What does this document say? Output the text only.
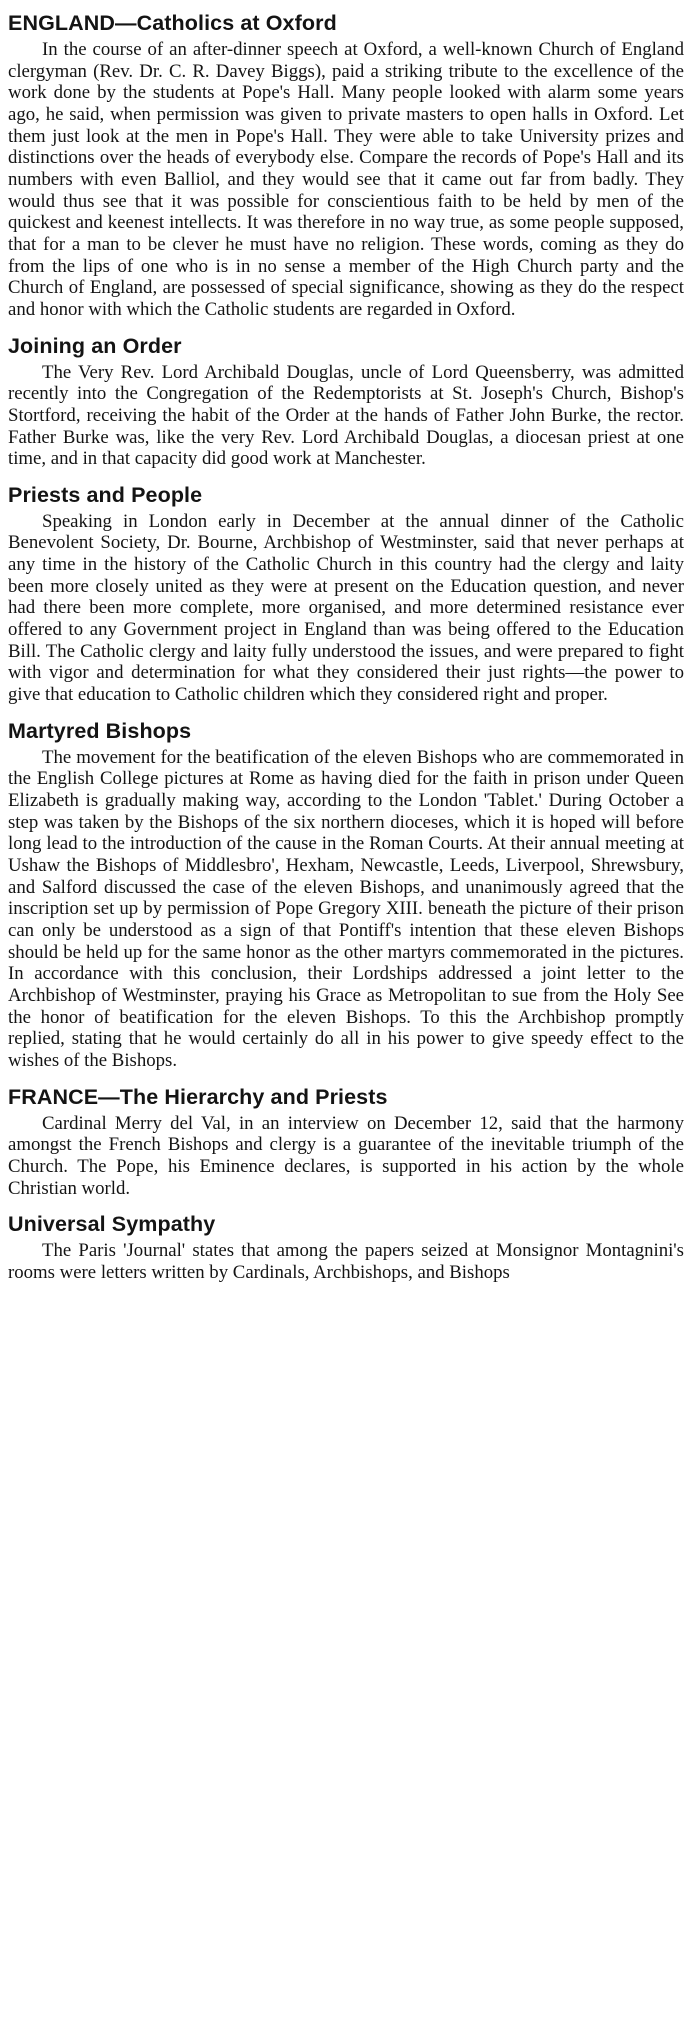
ENGLAND—Catholics at Oxford

In the course of an after-dinner speech at Oxford, a well-known Church of England clergyman (Rev. Dr. C. R. Davey Biggs), paid a striking tribute to the excellence of the work done by the students at Pope's Hall. Many people looked with alarm some years ago, he said, when permission was given to private masters to open halls in Oxford. Let them just look at the men in Pope's Hall. They were able to take University prizes and distinctions over the heads of everybody else. Compare the records of Pope's Hall and its numbers with even Balliol, and they would see that it came out far from badly. They would thus see that it was possible for conscientious faith to be held by men of the quickest and keenest intellects. It was therefore in no way true, as some people supposed, that for a man to be clever he must have no religion. These words, coming as they do from the lips of one who is in no sense a member of the High Church party and the Church of England, are possessed of special significance, showing as they do the respect and honor with which the Catholic students are regarded in Oxford.

Joining an Order

The Very Rev. Lord Archibald Douglas, uncle of Lord Queensberry, was admitted recently into the Congregation of the Redemptorists at St. Joseph's Church, Bishop's Stortford, receiving the habit of the Order at the hands of Father John Burke, the rector. Father Burke was, like the very Rev. Lord Archibald Douglas, a diocesan priest at one time, and in that capacity did good work at Manchester.

Priests and People

Speaking in London early in December at the annual dinner of the Catholic Benevolent Society, Dr. Bourne, Archbishop of Westminster, said that never perhaps at any time in the history of the Catholic Church in this country had the clergy and laity been more closely united as they were at present on the Education question, and never had there been more complete, more organised, and more determined resistance ever offered to any Government project in England than was being offered to the Education Bill. The Catholic clergy and laity fully understood the issues, and were prepared to fight with vigor and determination for what they considered their just rights—the power to give that education to Catholic children which they considered right and proper.

Martyred Bishops

The movement for the beatification of the eleven Bishops who are commemorated in the English College pictures at Rome as having died for the faith in prison under Queen Elizabeth is gradually making way, according to the London 'Tablet.' During October a step was taken by the Bishops of the six northern dioceses, which it is hoped will before long lead to the introduction of the cause in the Roman Courts. At their annual meeting at Ushaw the Bishops of Middlesbro', Hexham, Newcastle, Leeds, Liverpool, Shrewsbury, and Salford discussed the case of the eleven Bishops, and unanimously agreed that the inscription set up by permission of Pope Gregory XIII. beneath the picture of their prison can only be understood as a sign of that Pontiff's intention that these eleven Bishops should be held up for the same honor as the other martyrs commemorated in the pictures. In accordance with this conclusion, their Lordships addressed a joint letter to the Archbishop of Westminster, praying his Grace as Metropolitan to sue from the Holy See the honor of beatification for the eleven Bishops. To this the Archbishop promptly replied, stating that he would certainly do all in his power to give speedy effect to the wishes of the Bishops.

FRANCE—The Hierarchy and Priests

Cardinal Merry del Val, in an interview on December 12, said that the harmony amongst the French Bishops and clergy is a guarantee of the inevitable triumph of the Church. The Pope, his Eminence declares, is supported in his action by the whole Christian world.

Universal Sympathy

The Paris 'Journal' states that among the papers seized at Monsignor Montagnini's rooms were letters written by Cardinals, Archbishops, and Bishops
